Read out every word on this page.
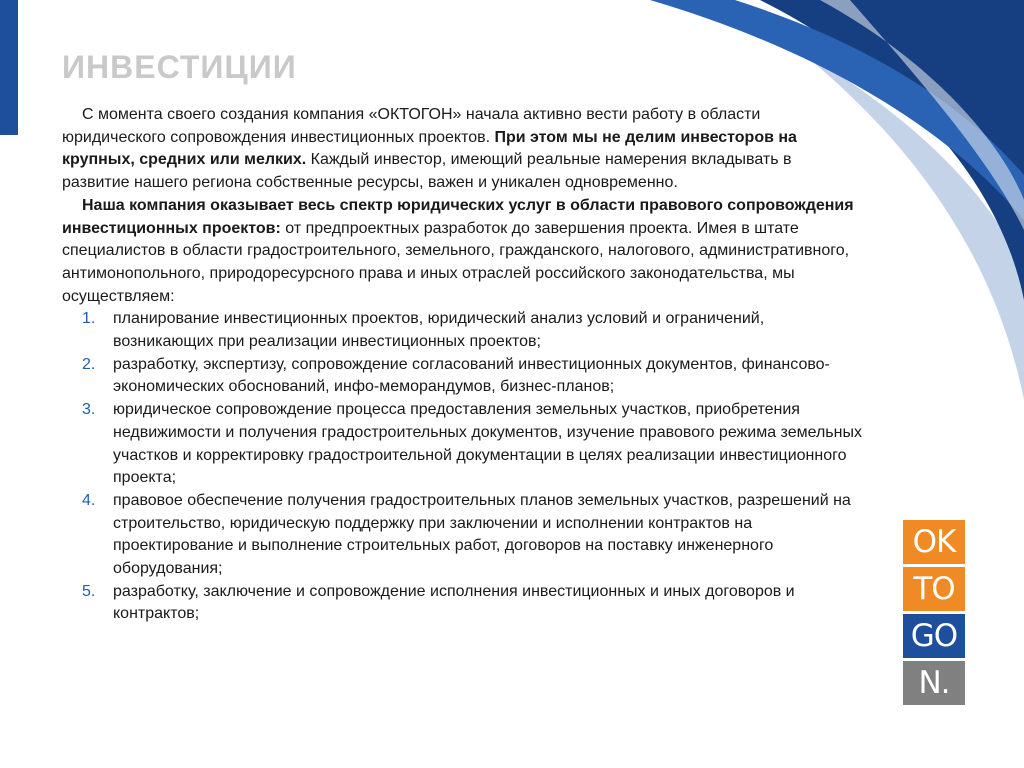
ИНВЕСТИЦИИ

С момента своего создания компания «ОКТОГОН» начала активно вести работу в области юридического сопровождения инвестиционных проектов. При этом мы не делим инвесторов на крупных, средних или мелких. Каждый инвестор, имеющий реальные намерения вкладывать в развитие нашего региона собственные ресурсы, важен и уникален одновременно.

Наша компания оказывает весь спектр юридических услуг в области правового сопровождения инвестиционных проектов: от предпроектных разработок до завершения проекта. Имея в штате специалистов в области градостроительного, земельного, гражданского, налогового, административного, антимонопольного, природоресурсного права и иных отраслей российского законодательства, мы осуществляем:

1. планирование инвестиционных проектов, юридический анализ условий и ограничений, возникающих при реализации инвестиционных проектов;
2. разработку, экспертизу, сопровождение согласований инвестиционных документов, финансово-экономических обоснований, инфо-меморандумов, бизнес-планов;
3. юридическое сопровождение процесса предоставления земельных участков, приобретения недвижимости и получения градостроительных документов, изучение правового режима земельных участков и корректировку градостроительной документации в целях реализации инвестиционного проекта;
4. правовое обеспечение получения градостроительных планов земельных участков, разрешений на строительство, юридическую поддержку при заключении и исполнении контрактов на проектирование и выполнение строительных работ, договоров на поставку инженерного оборудования;
5. разработку, заключение и сопровождение исполнения инвестиционных и иных договоров и контрактов;
OK
TO
GO
N.
